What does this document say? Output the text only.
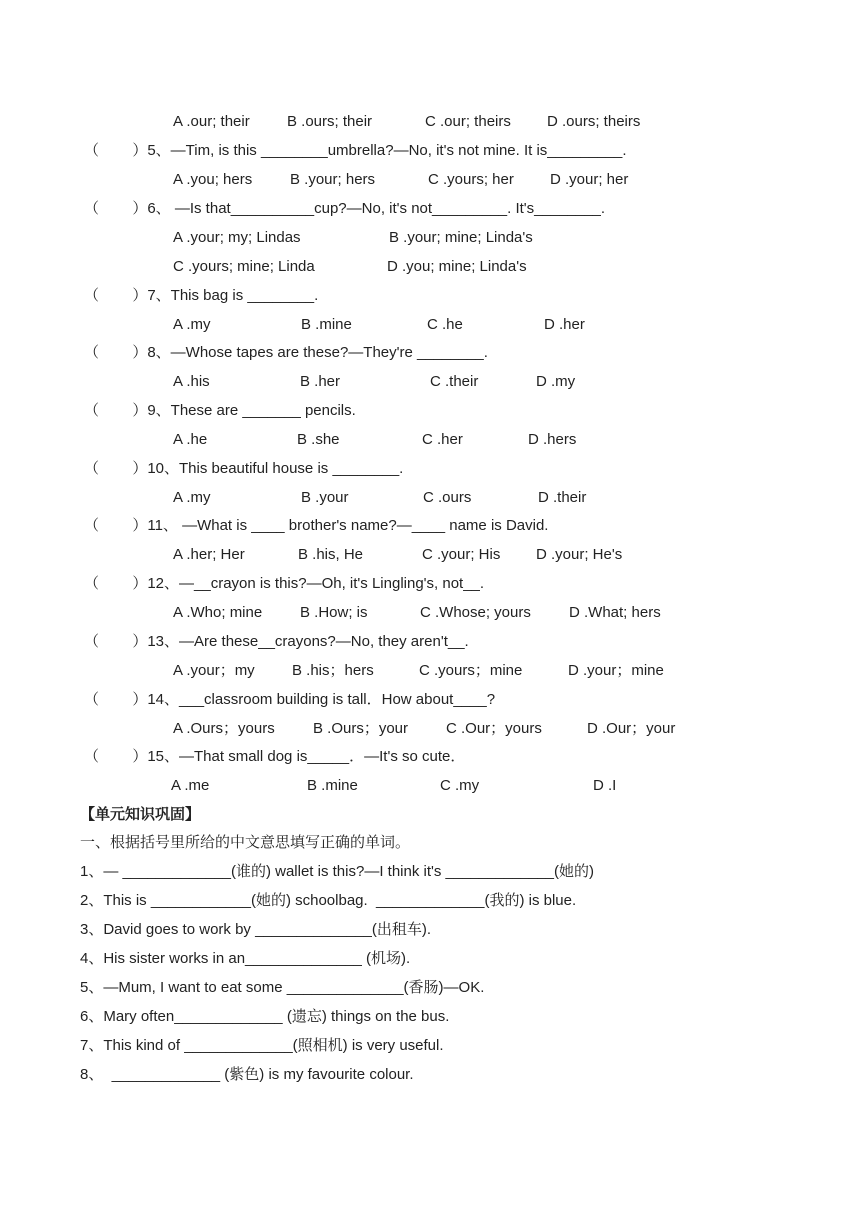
A .our; their B .ours; their	C .our; theirs D .ours; theirs
（        ）5、—Tim, is this ________umbrella?—No, it's not mine. It is_________.
A .you; hers	B .your; hers	C .yours; her D .your; her
（        ）6、 —Is that__________cup?—No, it's not_________. It's________.
A .your; my; Lindas	B .your; mine; Linda's
C .yours; mine; Linda	D .you; mine; Linda's
（        ）7、This bag is ________.
A .my	B .mine	C .he	D .her
（        ）8、—Whose tapes are these?—They're ________.
A .his	B .her	C .their	D .my
（        ）9、These are _______ pencils.
A .he	B .she	C .her	D .hers
（        ）10、This beautiful house is ________.
A .my	B .your	C .ours	D .their
（        ）11、 —What is ____ brother's name?—____ name is David.
A .her; Her	B .his, He	C .your; His D .your; He's
（        ）12、—__crayon is this?—Oh, it's Lingling's, not__.
A .Who; mine	B .How; is	C .Whose; yours	D .What; hers
（        ）13、—Are these__crayons?—No, they aren't__.
A .your；my B .his；hers	C .yours；mine	D .your；mine
（        ）14、___classroom building is tall．How about____?
A .Ours；yours	B .Ours；your	C .Our；yours	D .Our；your
（        ）15、—That small dog is_____．—It's so cute．
A .me	B .mine	C .my	D .I
【单元知识巩固】
一、根据括号里所给的中文意思填写正确的单词。
1、— _____________(谁的) wallet is this?—I think it's _____________(她的)
2、This is ____________(她的) schoolbag.  _____________(我的) is blue.
3、David goes to work by ______________(出租车).
4、His sister works in an______________ (机场).
5、—Mum, I want to eat some ______________(香肠)—OK.
6、Mary often_____________ (遗忘) things on the bus.
7、This kind of _____________(照相机) is very useful.
8、  _____________ (紫色) is my favourite colour.
